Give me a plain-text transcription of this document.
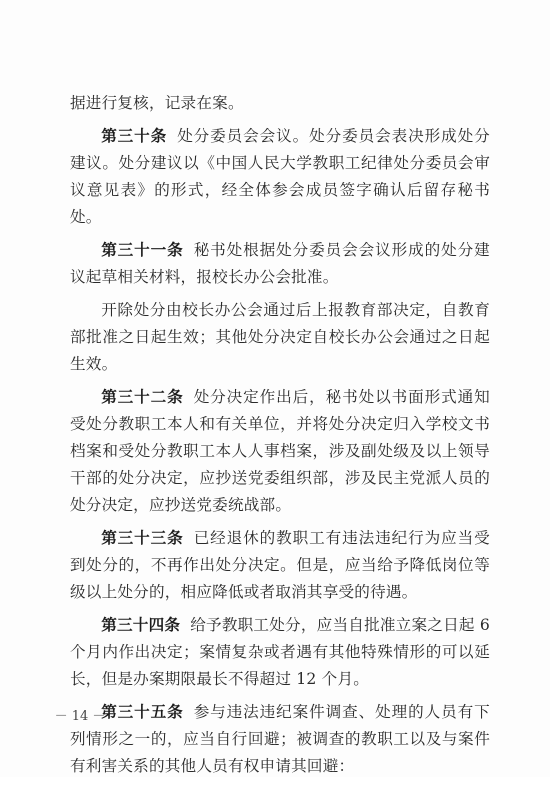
据进行复核，记录在案。

第三十条 处分委员会会议。处分委员会表决形成处分建议。处分建议以《中国人民大学教职工纪律处分委员会审议意见表》的形式，经全体参会成员签字确认后留存秘书处。

第三十一条 秘书处根据处分委员会会议形成的处分建议起草相关材料，报校长办公会批准。

开除处分由校长办公会通过后上报教育部决定，自教育部批准之日起生效；其他处分决定自校长办公会通过之日起生效。

第三十二条 处分决定作出后，秘书处以书面形式通知受处分教职工本人和有关单位，并将处分决定归入学校文书档案和受处分教职工本人人事档案，涉及副处级及以上领导干部的处分决定，应抄送党委组织部，涉及民主党派人员的处分决定，应抄送党委统战部。

第三十三条 已经退休的教职工有违法违纪行为应当受到处分的，不再作出处分决定。但是，应当给予降低岗位等级以上处分的，相应降低或者取消其享受的待遇。

第三十四条 给予教职工处分，应当自批准立案之日起 6 个月内作出决定；案情复杂或者遇有其他特殊情形的可以延长，但是办案期限最长不得超过 12 个月。

第三十五条 参与违法违纪案件调查、处理的人员有下列情形之一的，应当自行回避；被调查的教职工以及与案件有利害关系的其他人员有权申请其回避：

－ 14 －
